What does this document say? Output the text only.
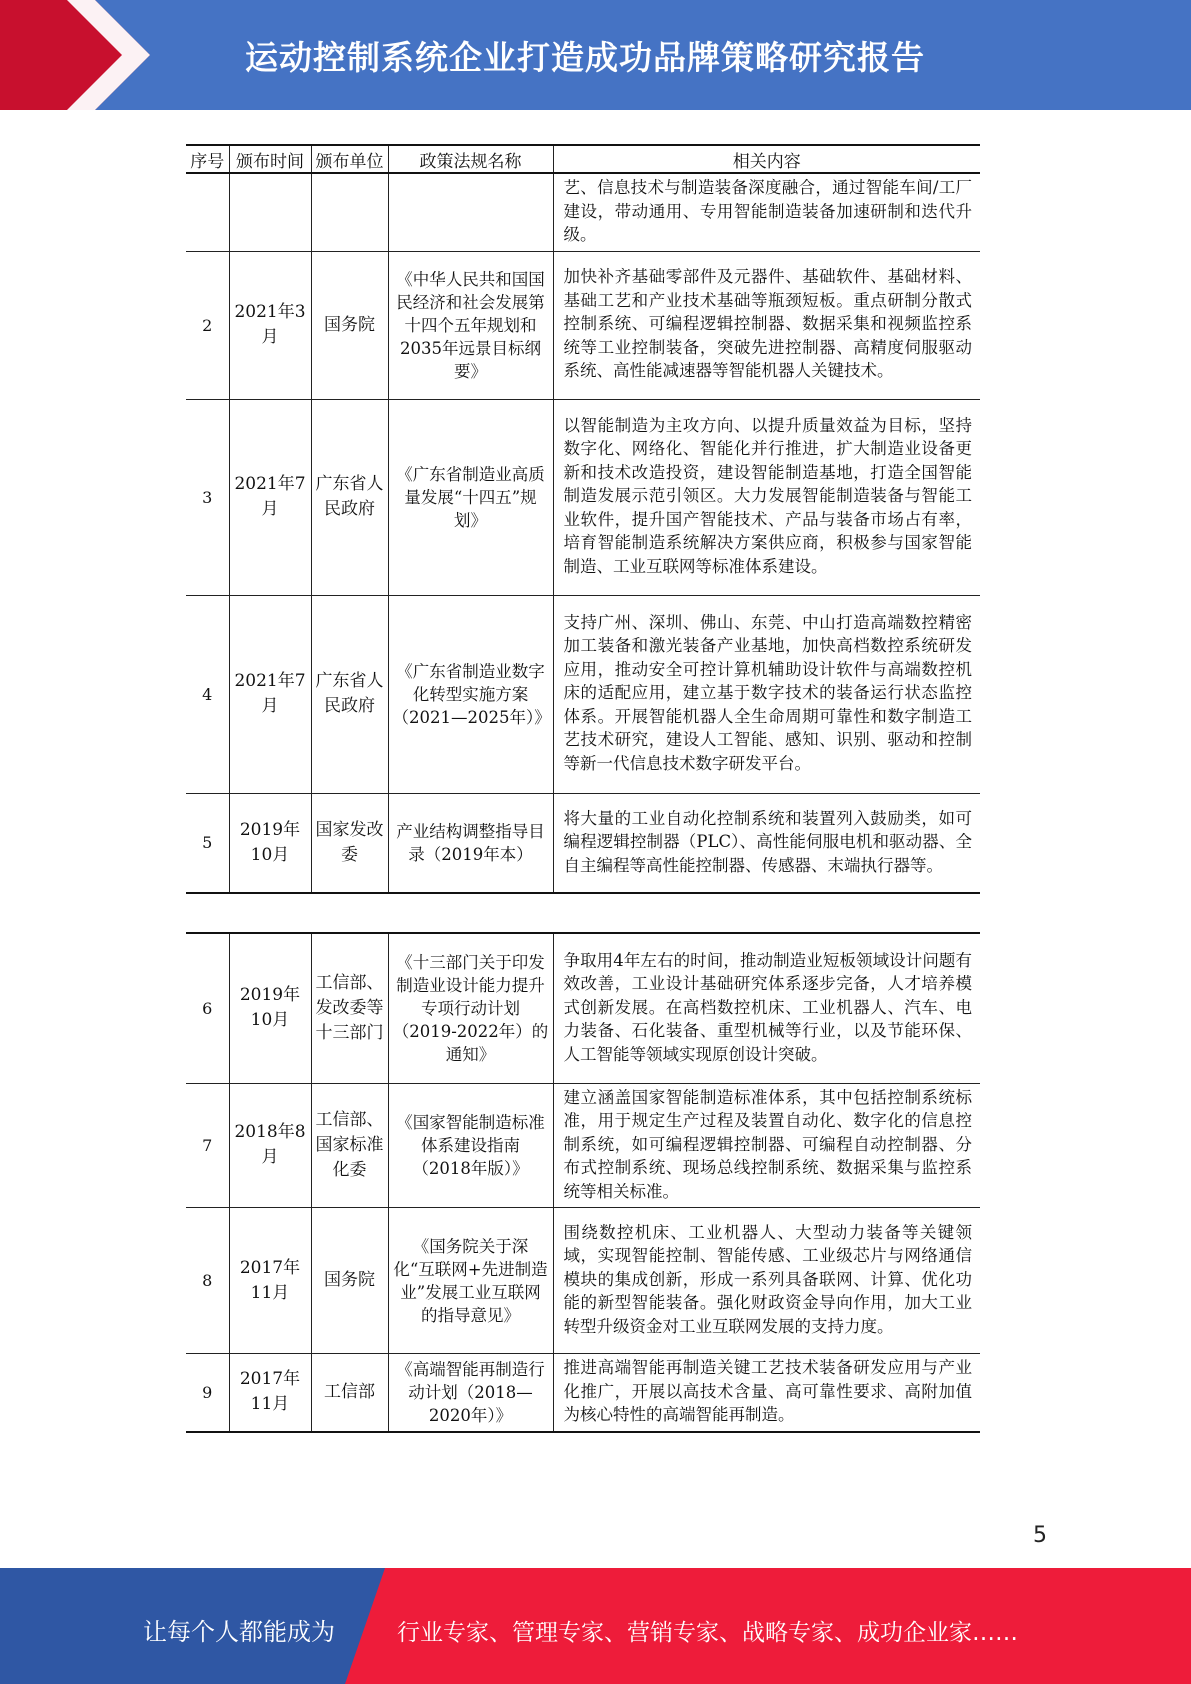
运动控制系统企业打造成功品牌策略研究报告
序号	颁布时间	颁布单位	政策法规名称	相关内容
				艺、信息技术与制造装备深度融合，通过智能车间/工厂建设，带动通用、专用智能制造装备加速研制和迭代升级。
2	2021年3月	国务院	《中华人民共和国国民经济和社会发展第十四个五年规划和2035年远景目标纲要》	加快补齐基础零部件及元器件、基础软件、基础材料、基础工艺和产业技术基础等瓶颈短板。重点研制分散式控制系统、可编程逻辑控制器、数据采集和视频监控系统等工业控制装备，突破先进控制器、高精度伺服驱动系统、高性能减速器等智能机器人关键技术。
3	2021年7月	广东省人民政府	《广东省制造业高质量发展“十四五”规划》	以智能制造为主攻方向、以提升质量效益为目标，坚持数字化、网络化、智能化并行推进，扩大制造业设备更新和技术改造投资，建设智能制造基地，打造全国智能制造发展示范引领区。大力发展智能制造装备与智能工业软件，提升国产智能技术、产品与装备市场占有率，培育智能制造系统解决方案供应商，积极参与国家智能制造、工业互联网等标准体系建设。
4	2021年7月	广东省人民政府	《广东省制造业数字化转型实施方案（2021—2025年）》	支持广州、深圳、佛山、东莞、中山打造高端数控精密加工装备和激光装备产业基地，加快高档数控系统研发应用，推动安全可控计算机辅助设计软件与高端数控机床的适配应用，建立基于数字技术的装备运行状态监控体系。开展智能机器人全生命周期可靠性和数字制造工艺技术研究，建设人工智能、感知、识别、驱动和控制等新一代信息技术数字研发平台。
5	2019年10月	国家发改委	产业结构调整指导目录（2019年本）	将大量的工业自动化控制系统和装置列入鼓励类，如可编程逻辑控制器（PLC）、高性能伺服电机和驱动器、全自主编程等高性能控制器、传感器、末端执行器等。
6	2019年10月	工信部、发改委等十三部门	《十三部门关于印发制造业设计能力提升专项行动计划（2019-2022年）的通知》	争取用4年左右的时间，推动制造业短板领域设计问题有效改善，工业设计基础研究体系逐步完备，人才培养模式创新发展。在高档数控机床、工业机器人、汽车、电力装备、石化装备、重型机械等行业，以及节能环保、人工智能等领域实现原创设计突破。
7	2018年8月	工信部、国家标准化委	《国家智能制造标准体系建设指南（2018年版）》	建立涵盖国家智能制造标准体系，其中包括控制系统标准，用于规定生产过程及装置自动化、数字化的信息控制系统，如可编程逻辑控制器、可编程自动控制器、分布式控制系统、现场总线控制系统、数据采集与监控系统等相关标准。
8	2017年11月	国务院	《国务院关于深化“互联网+先进制造业”发展工业互联网的指导意见》	围绕数控机床、工业机器人、大型动力装备等关键领域，实现智能控制、智能传感、工业级芯片与网络通信模块的集成创新，形成一系列具备联网、计算、优化功能的新型智能装备。强化财政资金导向作用，加大工业转型升级资金对工业互联网发展的支持力度。
9	2017年11月	工信部	《高端智能再制造行动计划（2018—2020年）》	推进高端智能再制造关键工艺技术装备研发应用与产业化推广，开展以高技术含量、高可靠性要求、高附加值为核心特性的高端智能再制造。
5
让每个人都能成为	行业专家、管理专家、营销专家、战略专家、成功企业家……
